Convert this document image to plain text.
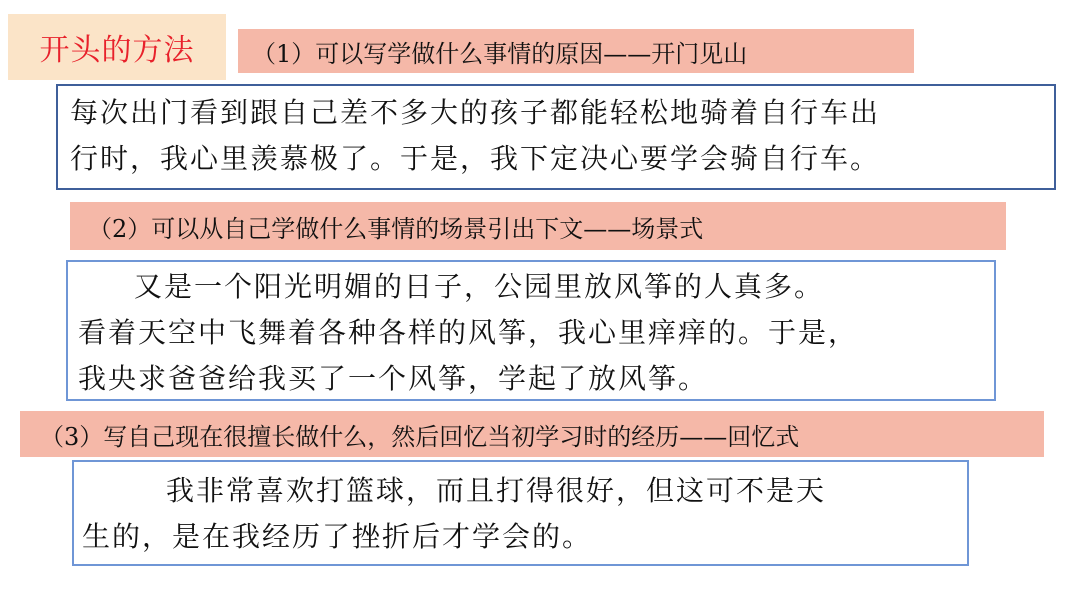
开头的方法	（1）可以写学做什么事情的原因——开门见山
每次出门看到跟自己差不多大的孩子都能轻松地骑着自行车出
行时，我心里羡慕极了。于是，我下定决心要学会骑自行车。
（2）可以从自己学做什么事情的场景引出下文——场景式
又是一个阳光明媚的日子，公园里放风筝的人真多。
看着天空中飞舞着各种各样的风筝，我心里痒痒的。于是，
我央求爸爸给我买了一个风筝，学起了放风筝。
（3）写自己现在很擅长做什么，然后回忆当初学习时的经历——回忆式
我非常喜欢打篮球，而且打得很好，但这可不是天
生的，是在我经历了挫折后才学会的。
